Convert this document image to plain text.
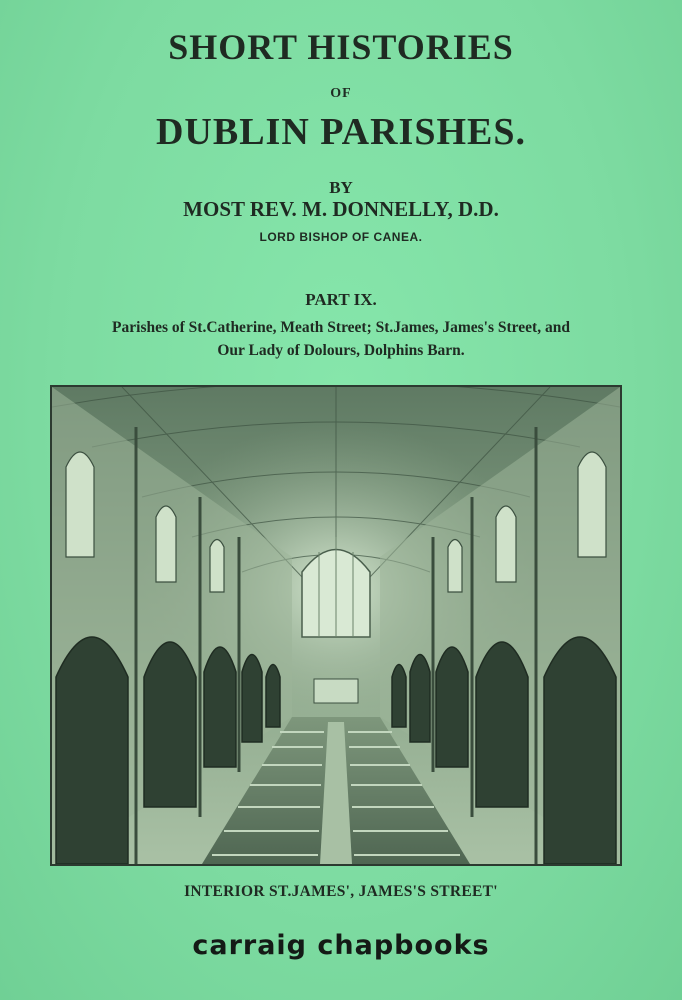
SHORT HISTORIES
OF
DUBLIN PARISHES.
BY
MOST REV. M. DONNELLY, D.D.
LORD BISHOP OF CANEA.
PART IX.
Parishes of St.Catherine, Meath Street; St.James, James's Street, and
Our Lady of Dolours, Dolphins Barn.
INTERIOR ST.JAMES', JAMES'S STREET'
carraig chapbooks
